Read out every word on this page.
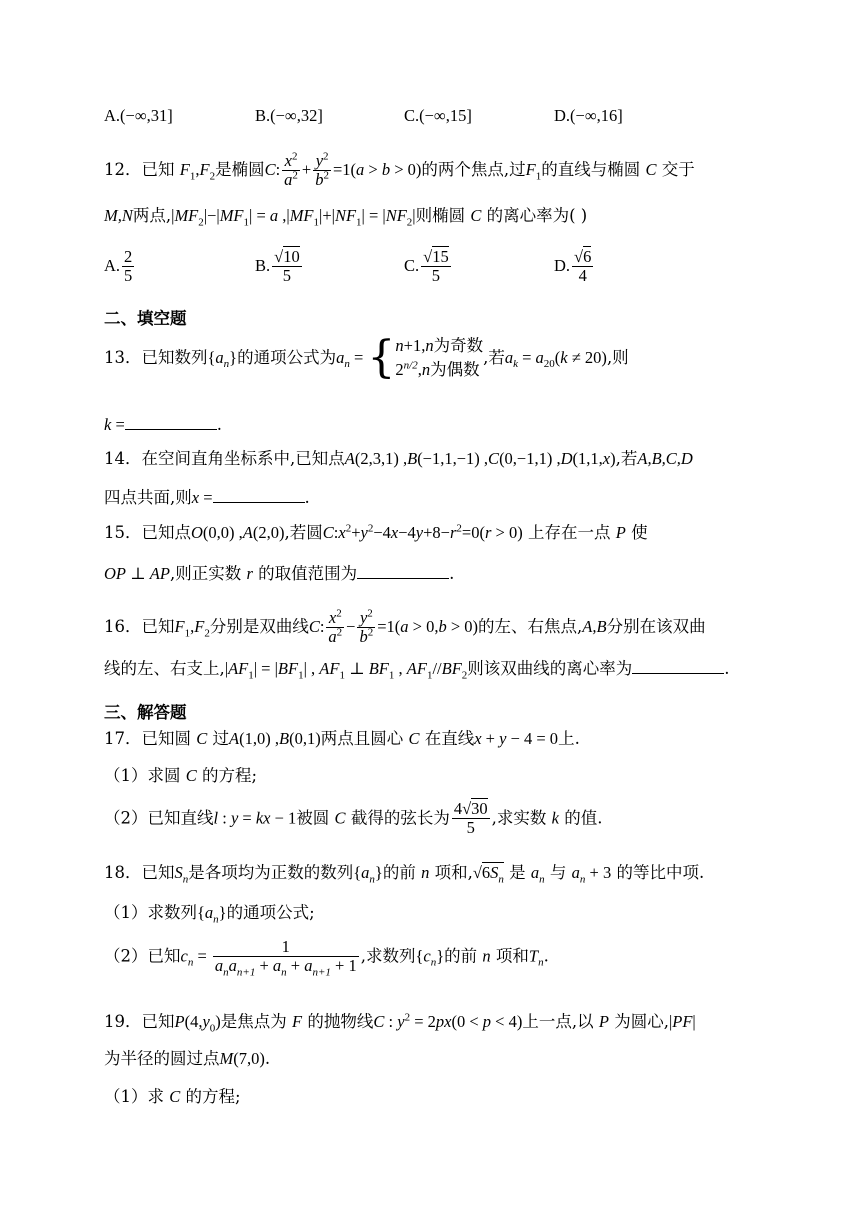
A.(−∞,31]	B.(−∞,32]	C.(−∞,15]	D.(−∞,16]
12．已知 $F_1,F_2$是椭圆C: $\frac{x^2}{a^2} + \frac{y^2}{b^2} =1(a > b > 0)$的两个焦点,过$F_1$的直线与椭圆 C 交于
M,N两点$,|MF_2|-|MF_1| = a$ $,|MF_1|+|NF_1| = |NF_2|$则椭圆 C 的离心率为( )
A. $\frac{2}{5}$	B. $\frac{√10}{5}$	C. $\frac{√15}{5}$	D. $\frac{√6}{4}$
二、填空题
13．已知数列$\{a_n\}$的通项公式为$a_n$ = { n+1,n为奇数
$2^{n/2},n$为偶数
,若$a_k = a_{20}(k \ne 20)$,则
k =	.
14．在空间直角坐标系中,已知点A(2,3,1) ,B(−1,1,−1) ,C(0,−1,1) ,D(1,1,x),若A,B,C,D
四点共面,则x =	.
15．已知点O(0,0) ,A(2,0),若圆$C:x^2+y^2-4x-4y+8-r^2=0(r > 0)$ 上存在一点 P 使
OP ⊥ AP,则正实数 r 的取值范围为	.
16．已知$F_1,F_2$分别是双曲线C: $\frac{x^2}{a^2} - \frac{y^2}{b^2} =1(a > 0,b > 0)$的左、右焦点,A,B分别在该双曲
线的左、右支上$,|AF_1| = |BF_1|$ , $AF_1$ ⊥ $BF_1$ , $AF_1//BF_2$则该双曲线的离心率为	.
三、解答题
17．已知圆 C 过A(1,0) ,B(0,1)两点且圆心 C 在直线x + y − 4 = 0上.
（1）求圆 C 的方程;
（2）已知直线l : y = kx − 1被圆 C 截得的弦长为 $\frac{4√30}{5}$ ,求实数 k 的值.
18．已知$S_n$是各项均为正数的数列$\{a_n\}$的前 n 项和$,√6S_n$ 是 $a_n$ 与 $a_n + 3$ 的等比中项.
（1）求数列$\{a_n\}$的通项公式;
（2）已知$c_n = \frac{1}{a_na_{n+1} + a_n + a_{n+1} + 1}$ ,求数列$\{c_n\}$的前 n 项和$T_n$.
19．已知$P(4,y_0)$是焦点为 F 的抛物线C : $y^2 = 2px(0 < p < 4)$上一点,以 P 为圆心,|PF|
为半径的圆过点M(7,0).
（1）求 C 的方程;
